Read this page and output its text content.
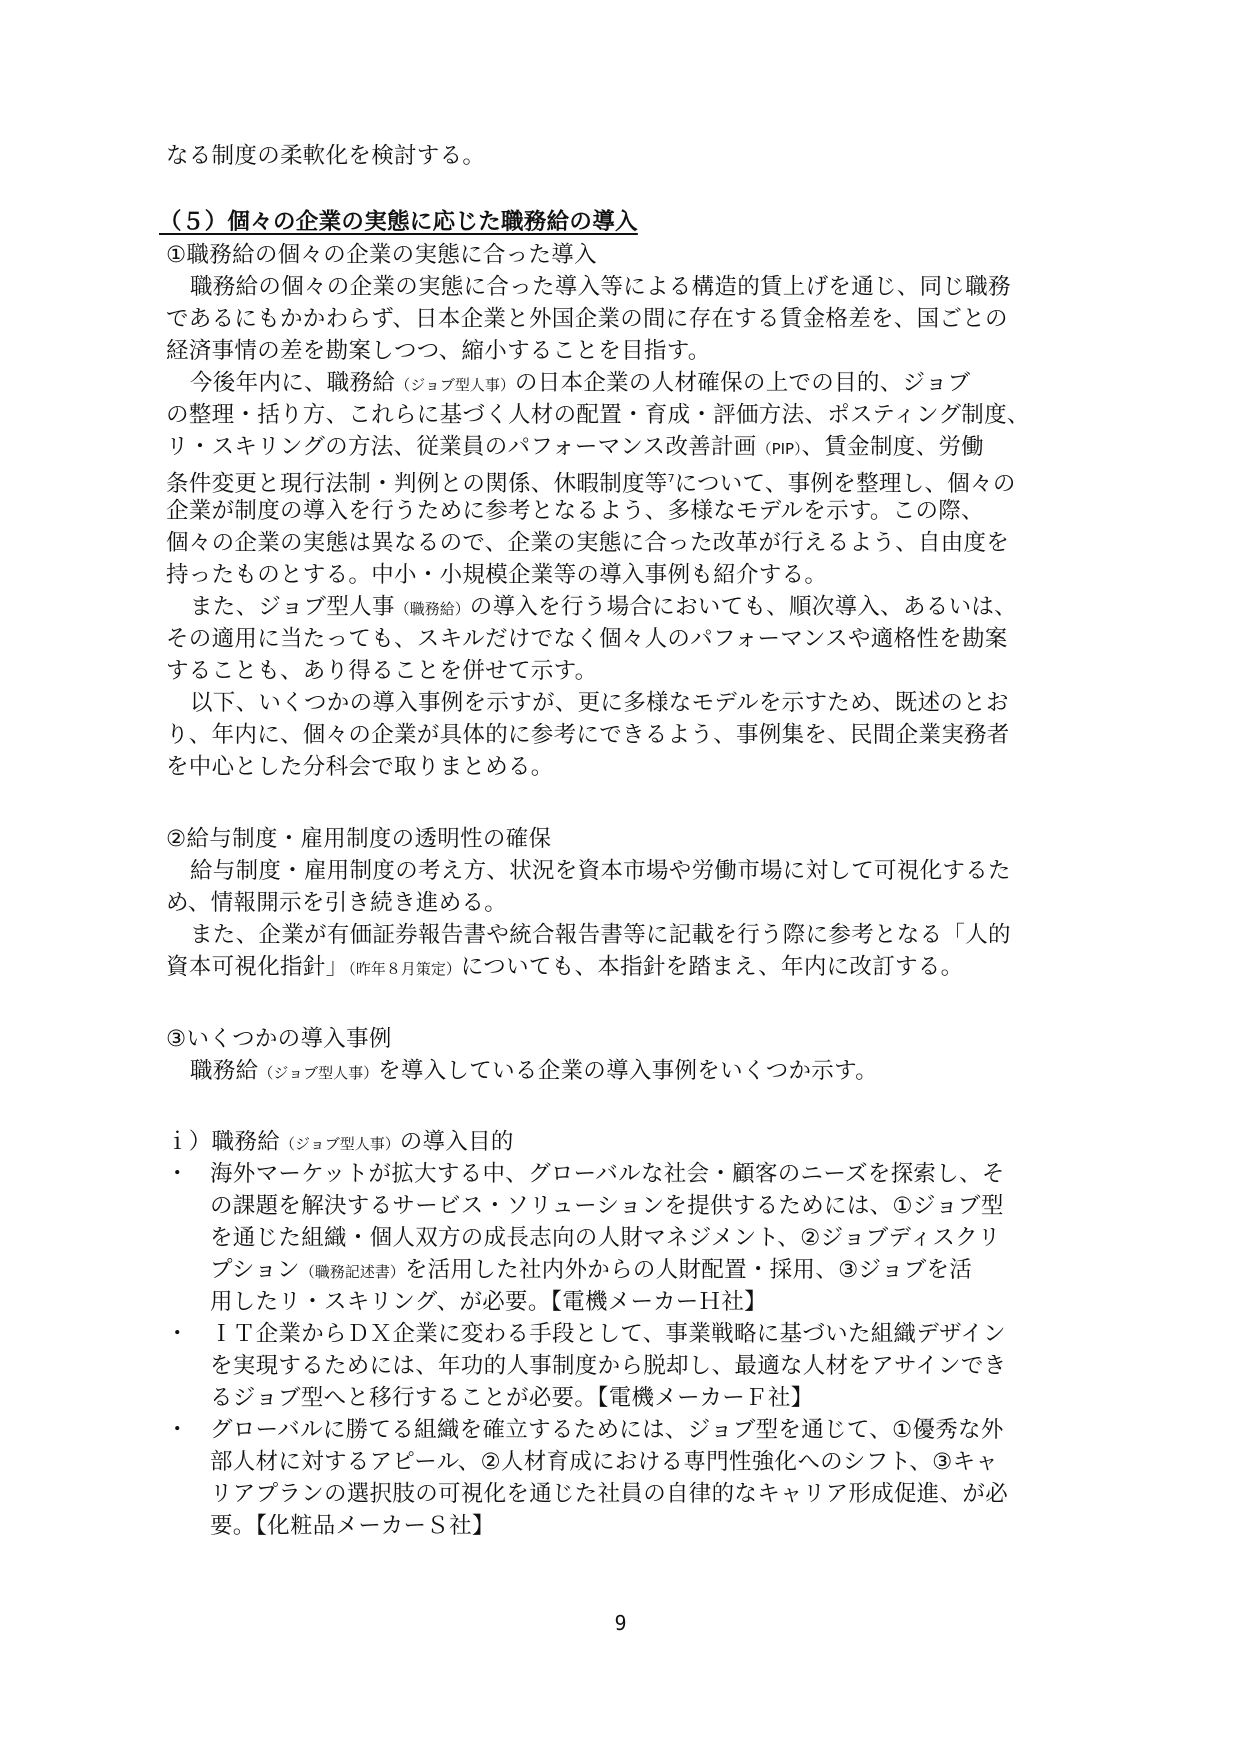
なる制度の柔軟化を検討する。
（５）個々の企業の実態に応じた職務給の導入
①職務給の個々の企業の実態に合った導入
職務給の個々の企業の実態に合った導入等による構造的賃上げを通じ、同じ職務
であるにもかかわらず、日本企業と外国企業の間に存在する賃金格差を、国ごとの
経済事情の差を勘案しつつ、縮小することを目指す。
今後年内に、職務給（ジョブ型人事）の日本企業の人材確保の上での目的、ジョブ
の整理・括り方、これらに基づく人材の配置・育成・評価方法、ポスティング制度、
リ・スキリングの方法、従業員のパフォーマンス改善計画（PIP）、賃金制度、労働
条件変更と現行法制・判例との関係、休暇制度等$^7$について、事例を整理し、個々の
企業が制度の導入を行うために参考となるよう、多様なモデルを示す。この際、
個々の企業の実態は異なるので、企業の実態に合った改革が行えるよう、自由度を
持ったものとする。中小・小規模企業等の導入事例も紹介する。
また、ジョブ型人事（職務給）の導入を行う場合においても、順次導入、あるいは、
その適用に当たっても、スキルだけでなく個々人のパフォーマンスや適格性を勘案
することも、あり得ることを併せて示す。
以下、いくつかの導入事例を示すが、更に多様なモデルを示すため、既述のとお
り、年内に、個々の企業が具体的に参考にできるよう、事例集を、民間企業実務者
を中心とした分科会で取りまとめる。
②給与制度・雇用制度の透明性の確保
給与制度・雇用制度の考え方、状況を資本市場や労働市場に対して可視化するた
め、情報開示を引き続き進める。
また、企業が有価証券報告書や統合報告書等に記載を行う際に参考となる「人的
資本可視化指針」（昨年８月策定）についても、本指針を踏まえ、年内に改訂する。
③いくつかの導入事例
職務給（ジョブ型人事）を導入している企業の導入事例をいくつか示す。
ｉ）職務給（ジョブ型人事）の導入目的
・ 海外マーケットが拡大する中、グローバルな社会・顧客のニーズを探索し、そ
の課題を解決するサービス・ソリューションを提供するためには、①ジョブ型
を通じた組織・個人双方の成長志向の人財マネジメント、②ジョブディスクリ
プション（職務記述書）を活用した社内外からの人財配置・採用、③ジョブを活
用したリ・スキリング、が必要。【電機メーカーＨ社】
・ ＩＴ企業からＤＸ企業に変わる手段として、事業戦略に基づいた組織デザイン
を実現するためには、年功的人事制度から脱却し、最適な人材をアサインでき
るジョブ型へと移行することが必要。【電機メーカーＦ社】
・ グローバルに勝てる組織を確立するためには、ジョブ型を通じて、①優秀な外
部人材に対するアピール、②人材育成における専門性強化へのシフト、③キャ
リアプランの選択肢の可視化を通じた社員の自律的なキャリア形成促進、が必
要。【化粧品メーカーＳ社】
9
